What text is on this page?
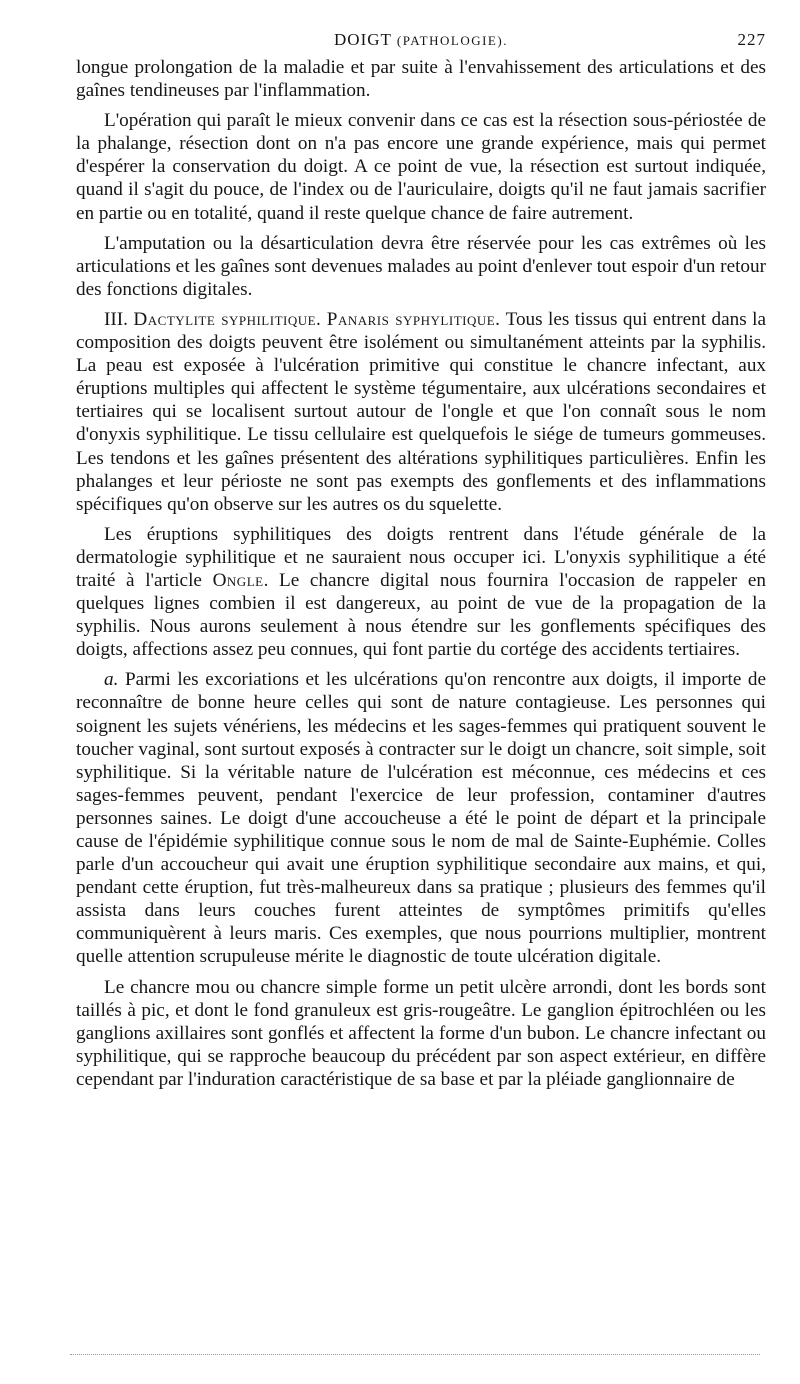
DOIGT (PATHOLOGIE).	227

longue prolongation de la maladie et par suite à l'envahissement des articulations et des gaînes tendineuses par l'inflammation.

L'opération qui paraît le mieux convenir dans ce cas est la résection sous-périostée de la phalange, résection dont on n'a pas encore une grande expérience, mais qui permet d'espérer la conservation du doigt. A ce point de vue, la résection est surtout indiquée, quand il s'agit du pouce, de l'index ou de l'auriculaire, doigts qu'il ne faut jamais sacrifier en partie ou en totalité, quand il reste quelque chance de faire autrement.

L'amputation ou la désarticulation devra être réservée pour les cas extrêmes où les articulations et les gaînes sont devenues malades au point d'enlever tout espoir d'un retour des fonctions digitales.

III. Dactylite syphilitique. Panaris syphylitique. Tous les tissus qui entrent dans la composition des doigts peuvent être isolément ou simultanément atteints par la syphilis. La peau est exposée à l'ulcération primitive qui constitue le chancre infectant, aux éruptions multiples qui affectent le système tégumentaire, aux ulcérations secondaires et tertiaires qui se localisent surtout autour de l'ongle et que l'on connaît sous le nom d'onyxis syphilitique. Le tissu cellulaire est quelquefois le siége de tumeurs gommeuses. Les tendons et les gaînes présentent des altérations syphilitiques particulières. Enfin les phalanges et leur périoste ne sont pas exempts des gonflements et des inflammations spécifiques qu'on observe sur les autres os du squelette.

Les éruptions syphilitiques des doigts rentrent dans l'étude générale de la dermatologie syphilitique et ne sauraient nous occuper ici. L'onyxis syphilitique a été traité à l'article Ongle. Le chancre digital nous fournira l'occasion de rappeler en quelques lignes combien il est dangereux, au point de vue de la propagation de la syphilis. Nous aurons seulement à nous étendre sur les gonflements spécifiques des doigts, affections assez peu connues, qui font partie du cortége des accidents tertiaires.

a. Parmi les excoriations et les ulcérations qu'on rencontre aux doigts, il importe de reconnaître de bonne heure celles qui sont de nature contagieuse. Les personnes qui soignent les sujets vénériens, les médecins et les sages-femmes qui pratiquent souvent le toucher vaginal, sont surtout exposés à contracter sur le doigt un chancre, soit simple, soit syphilitique. Si la véritable nature de l'ulcération est méconnue, ces médecins et ces sages-femmes peuvent, pendant l'exercice de leur profession, contaminer d'autres personnes saines. Le doigt d'une accoucheuse a été le point de départ et la principale cause de l'épidémie syphilitique connue sous le nom de mal de Sainte-Euphémie. Colles parle d'un accoucheur qui avait une éruption syphilitique secondaire aux mains, et qui, pendant cette éruption, fut très-malheureux dans sa pratique ; plusieurs des femmes qu'il assista dans leurs couches furent atteintes de symptômes primitifs qu'elles communiquèrent à leurs maris. Ces exemples, que nous pourrions multiplier, montrent quelle attention scrupuleuse mérite le diagnostic de toute ulcération digitale.

Le chancre mou ou chancre simple forme un petit ulcère arrondi, dont les bords sont taillés à pic, et dont le fond granuleux est gris-rougeâtre. Le ganglion épitrochléen ou les ganglions axillaires sont gonflés et affectent la forme d'un bubon. Le chancre infectant ou syphilitique, qui se rapproche beaucoup du précédent par son aspect extérieur, en diffère cependant par l'induration caractéristique de sa base et par la pléiade ganglionnaire de
